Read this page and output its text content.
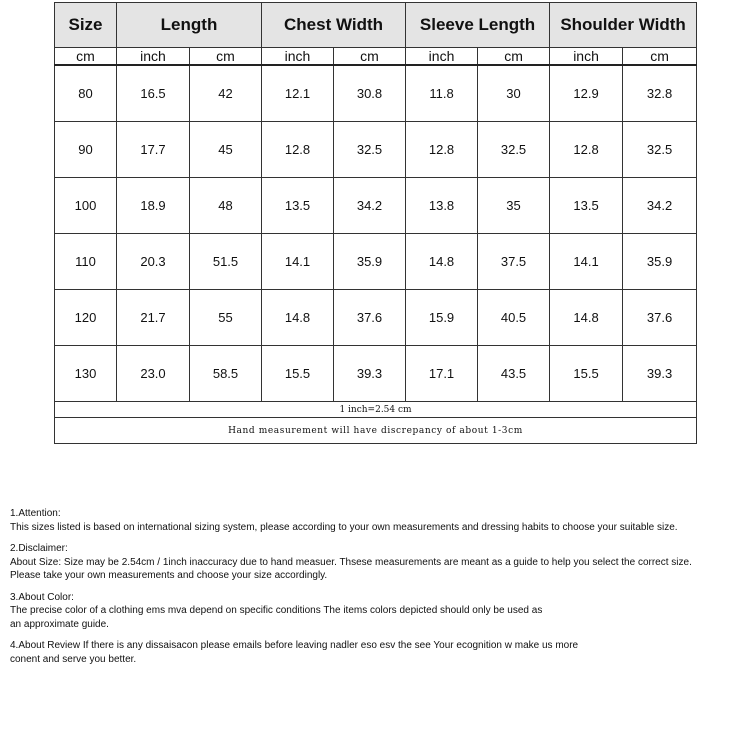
Size	Length		Chest Width		Sleeve Length		Shoulder Width	
cm	inch	cm	inch	cm	inch	cm	inch	cm
80	16.5	42	12.1	30.8	11.8	30	12.9	32.8
90	17.7	45	12.8	32.5	12.8	32.5	12.8	32.5
100	18.9	48	13.5	34.2	13.8	35	13.5	34.2
110	20.3	51.5	14.1	35.9	14.8	37.5	14.1	35.9
120	21.7	55	14.8	37.6	15.9	40.5	14.8	37.6
130	23.0	58.5	15.5	39.3	17.1	43.5	15.5	39.3
1 inch=2.54 cm								
Hand measurement will have discrepancy of about 1-3cm								

1.Attention:

This sizes listed is based on international sizing system, please according to your own measurements and dressing habits to choose your suitable size.

2.Disclaimer:

About Size: Size may be 2.54cm / 1inch inaccuracy due to hand measuer. Thsese measurements are meant as a guide to help you select the correct size.

Please take your own measurements and choose your size accordingly.

3.About Color:

The precise color of a clothing ems mva depend on specific conditions The items colors depicted should only be used as

an approximate guide.

4.About Review If there is any dissaisacon please emails before leaving nadler eso esv the see Your ecognition w make us more

conent and serve you better.
